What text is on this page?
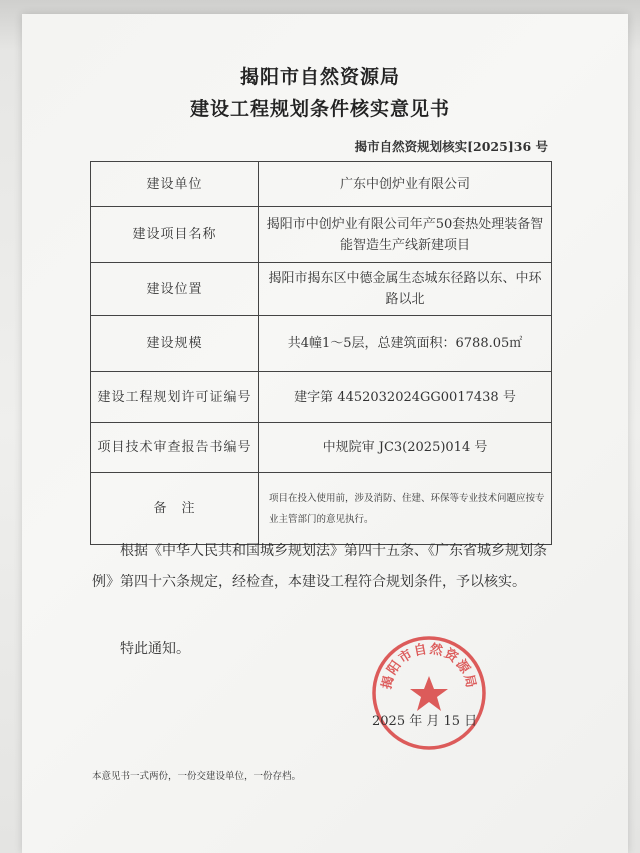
揭阳市自然资源局
建设工程规划条件核实意见书
揭市自然资规划核实[2025]36 号
建设单位	广东中创炉业有限公司
建设项目名称	揭阳市中创炉业有限公司年产50套热处理装备智能智造生产线新建项目
建设位置	揭阳市揭东区中德金属生态城东径路以东、中环路以北
建设规模	共4幢1～5层，总建筑面积：6788.05㎡
建设工程规划许可证编号	建字第 4452032024GG0017438 号
项目技术审查报告书编号	中规院审 JC3(2025)014 号
备　注	项目在投入使用前，涉及消防、住建、环保等专业技术问题应按专业主管部门的意见执行。
根据《中华人民共和国城乡规划法》第四十五条、《广东省城乡规划条例》第四十六条规定，经检查，本建设工程符合规划条件，予以核实。
特此通知。
揭阳市自然资源局
2025 年 月 15 日
本意见书一式两份，一份交建设单位，一份存档。
